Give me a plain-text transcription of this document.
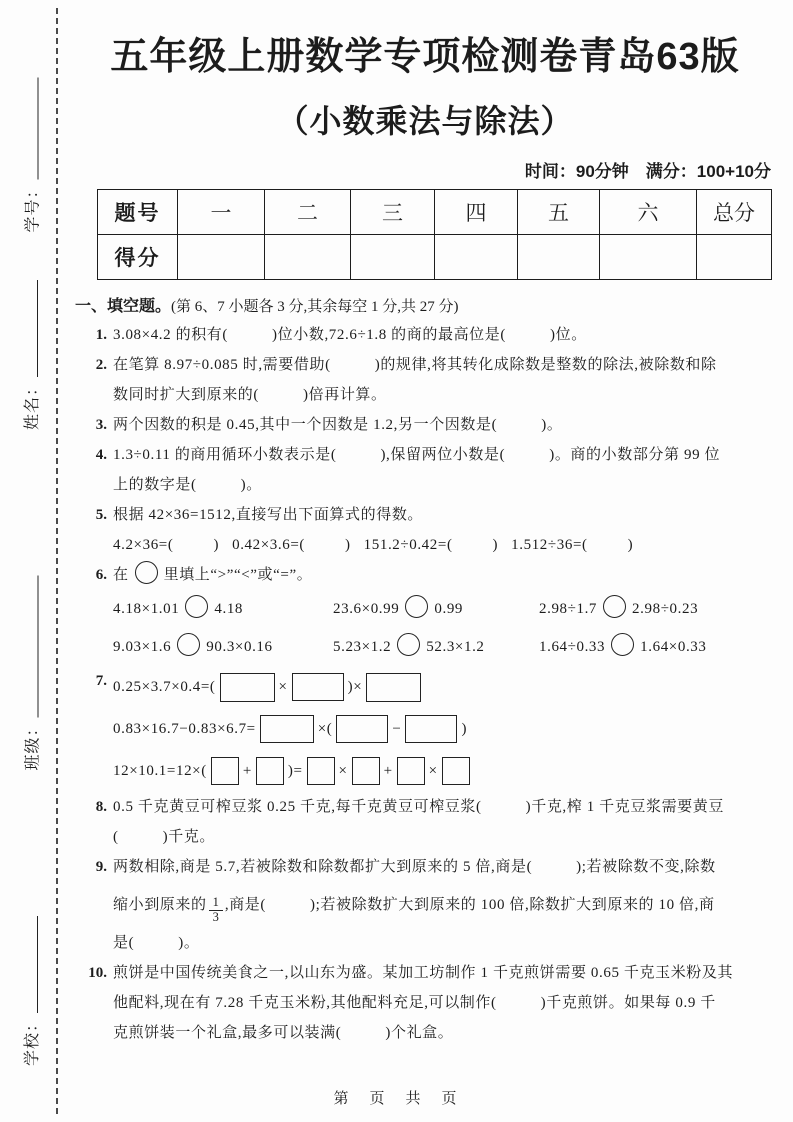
学号：
姓名：
班级：
学校：
五年级上册数学专项检测卷青岛63版
（小数乘法与除法）
时间：90分钟　满分：100+10分
题号	一	二	三	四	五	六	总分
得分							
一、填空题。(第 6、7 小题各 3 分,其余每空 1 分,共 27 分)
1. 3.08×4.2 的积有 (  )	位小数,72.6÷1.8 的商的最高位是 (  )	位。
2. 在笔算 8.97÷0.085 时,需要借助 (  )	的规律,将其转化成除数是整数的除法,被除数和除
数同时扩大到原来的 (  )	倍再计算。
3. 两个因数的积是 0.45,其中一个因数是 1.2,另一个因数是 (  )	。
4. 1.3÷0.11 的商用循环小数表示是 (  )	,保留两位小数是 (  )	。商的小数部分第 99 位
上的数字是 (  )	。
5. 根据 42×36=1512,直接写出下面算式的得数。
4.2×36= (  )	0.42×3.6= (  )	151.2÷0.42= (  )	1.512÷36=(  )
6. 在 里填上“>”“<”或“=”。
4.18×1.01 4.18	23.6×0.99 0.99	2.98÷1.7 2.98÷0.23
9.03×1.6 90.3×0.16	5.23×1.2 52.3×1.2	1.64÷0.33 1.64×0.33
7. 0.25×3.7×0.4=(	×	)×
0.83×16.7−0.83×6.7=	×(	−	)
12×10.1=12×( + )= × + ×
8. 0.5 千克黄豆可榨豆浆 0.25 千克,每千克黄豆可榨豆浆 (  )	千克,榨 1 千克豆浆需要黄豆
(  )千克。
9. 两数相除,商是 5.7,若被除数和除数都扩大到原来的 5 倍,商是 (  )	;若被除数不变,除数
缩小到原来的 $\frac{1}{3}$ ,商是 (  )	;若被除数扩大到原来的 100 倍,除数扩大到原来的 10 倍,商
是 (  )	。
10. 煎饼是中国传统美食之一,以山东为盛。某加工坊制作 1 千克煎饼需要 0.65 千克玉米粉及其
他配料,现在有 7.28 千克玉米粉,其他配料充足,可以制作 (  )	千克煎饼。如果每 0.9 千
克煎饼装一个礼盒,最多可以装满 (  )	个礼盒。
第　页　共　页
